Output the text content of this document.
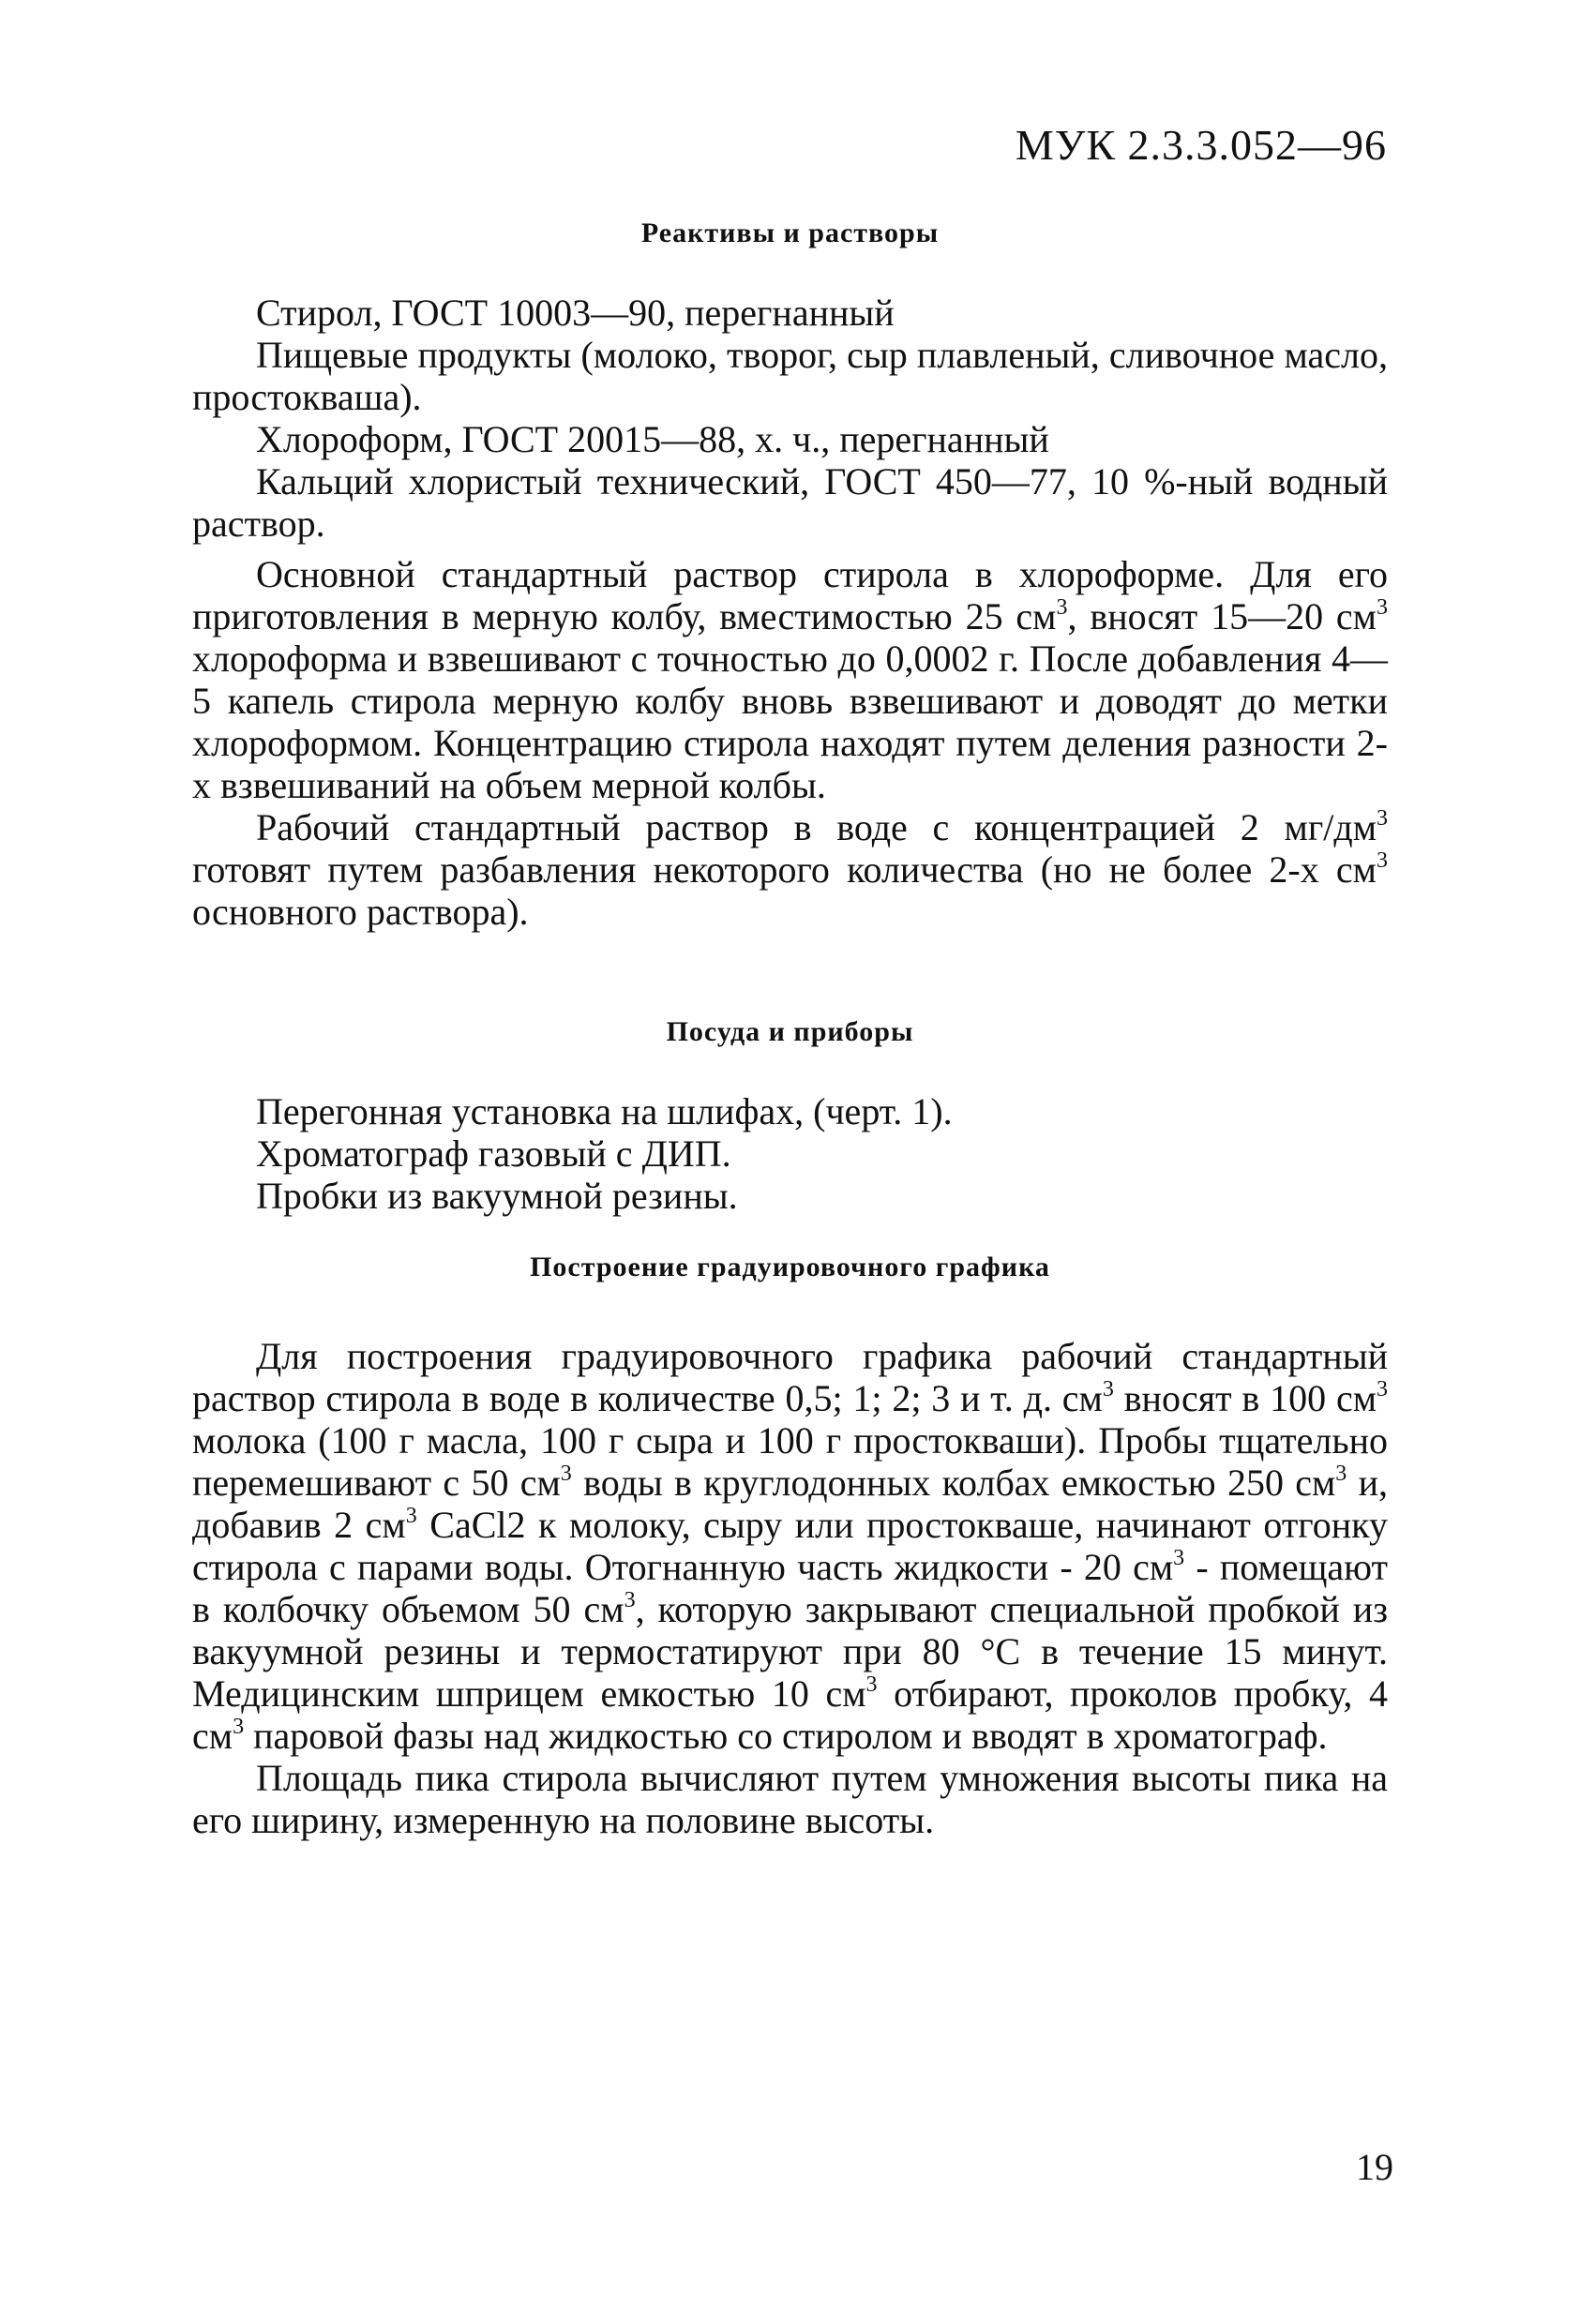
МУК 2.3.3.052—96
Реактивы и растворы

Стирол, ГОСТ 10003—90, перегнанный

Пищевые продукты (молоко, творог, сыр плавленый, сливочное масло, простокваша).

Хлороформ, ГОСТ 20015—88, х. ч., перегнанный

Кальций хлористый технический, ГОСТ 450—77, 10 %-ный водный раствор.

Основной стандартный раствор стирола в хлороформе. Для его приготовления в мерную колбу, вместимостью 25 $см^3$, вносят 15—20 $см^3$ хлороформа и взвешивают с точностью до 0,0002 г. После добавления 4—5 капель стирола мерную колбу вновь взвешивают и доводят до метки хлороформом. Концентрацию стирола находят путем деления разности 2-х взвешиваний на объем мерной колбы.

Рабочий стандартный раствор в воде с концентрацией 2 $мг/дм^3$ готовят путем разбавления некоторого количества (но не более 2-х $см^3$ основного раствора).

Посуда и приборы

Перегонная установка на шлифах, (черт. 1).

Хроматограф газовый с ДИП.

Пробки из вакуумной резины.

Построение градуировочного графика

Для построения градуировочного графика рабочий стандартный раствор стирола в воде в количестве 0,5; 1; 2; 3 и т. д. $см^3$ вносят в 100 $см^3$ молока (100 г масла, 100 г сыра и 100 г простокваши). Пробы тщательно перемешивают с 50 $см^3$ воды в круглодонных колбах емкостью 250 $см^3$ и, добавив 2 $см^3$ CaCl2 к молоку, сыру или простокваше, начинают отгонку стирола с парами воды. Отогнанную часть жидкости - 20 $см^3$ - помещают в колбочку объемом 50 $см^3$, которую закрывают специальной пробкой из вакуумной резины и термостатируют при 80 °С в течение 15 минут. Медицинским шприцем емкостью 10 $см^3$ отбирают, проколов пробку, 4 $см^3$ паровой фазы над жидкостью со стиролом и вводят в хроматограф.

Площадь пика стирола вычисляют путем умножения высоты пика на его ширину, измеренную на половине высоты.

19
